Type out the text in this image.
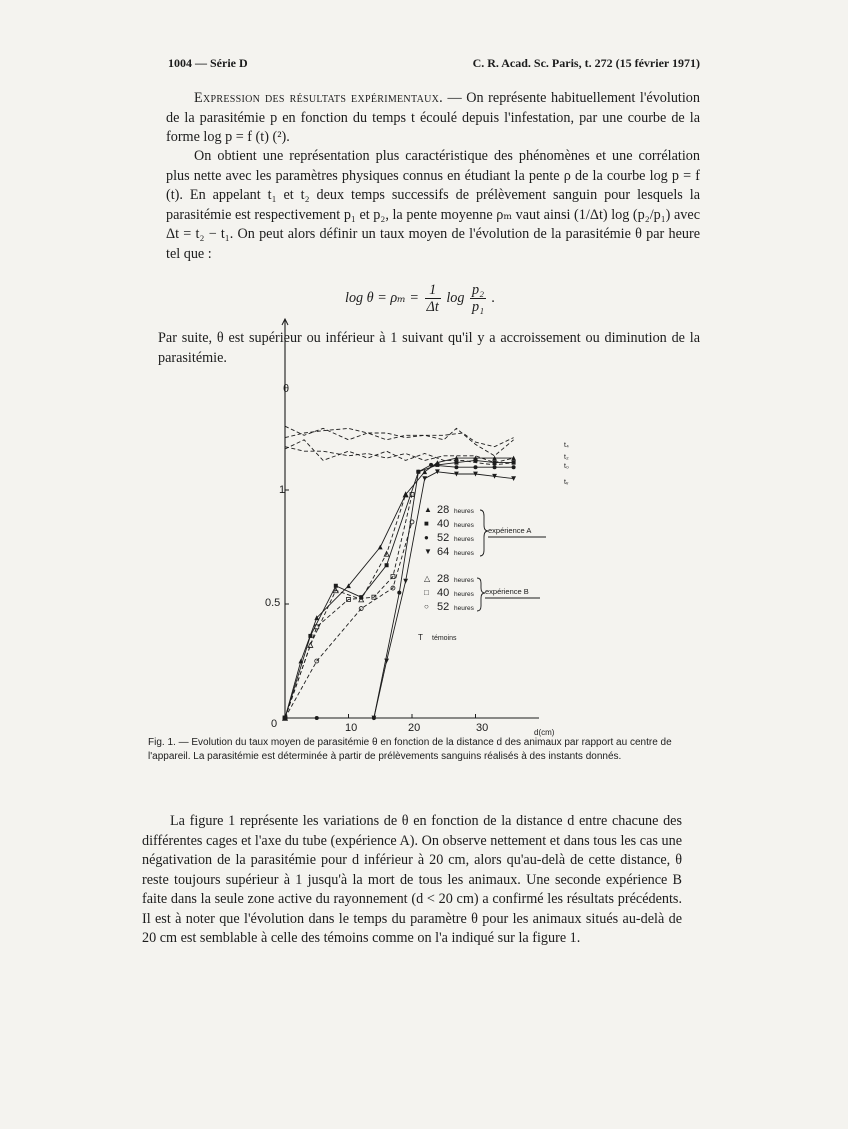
1004 — Série D	C. R. Acad. Sc. Paris, t. 272 (15 février 1971)

Expression des résultats expérimentaux. — On représente habituellement l'évolution de la parasitémie p en fonction du temps t écoulé depuis l'infestation, par une courbe de la forme log p = f (t) (²).

On obtient une représentation plus caractéristique des phénomènes et une corrélation plus nette avec les paramètres physiques connus en étudiant la pente ρ de la courbe log p = f (t). En appelant t₁ et t₂ deux temps successifs de prélèvement sanguin pour lesquels la parasitémie est respectivement p₁ et p₂, la pente moyenne ρₘ vaut ainsi (1/Δt) log (p₂/p₁) avec Δt = t₂ − t₁. On peut alors définir un taux moyen de l'évolution de la parasitémie θ par heure tel que :

$\log \theta = \rho_m = \frac{1}{\Delta t}$ $\log \frac{\text{p₂}}{\text{p₁}}$ .

Par suite, θ est supérieur ou inférieur à 1 suivant qu'il y a accroissement ou diminution de la parasitémie.

θ
d(cm)
0	10	20	30
0.5
1
t₄
t₂
t₀
tᵥ
▲ 28 heures
■ 40 heures
● 52 heures
▼ 64 heures
expérience A
△ 28 heures
□ 40 heures
○ 52 heures
expérience B
T témoins

Fig. 1. — Evolution du taux moyen de parasitémie θ en fonction de la distance d des animaux par rapport au centre de l'appareil. La parasitémie est déterminée à partir de prélèvements sanguins réalisés à des instants donnés.

La figure 1 représente les variations de θ en fonction de la distance d entre chacune des différentes cages et l'axe du tube (expérience A). On observe nettement et dans tous les cas une négativation de la parasitémie pour d inférieur à 20 cm, alors qu'au-delà de cette distance, θ reste toujours supérieur à 1 jusqu'à la mort de tous les animaux. Une seconde expérience B faite dans la seule zone active du rayonnement (d < 20 cm) a confirmé les résultats précédents. Il est à noter que l'évolution dans le temps du paramètre θ pour les animaux situés au-delà de 20 cm est semblable à celle des témoins comme on l'a indiqué sur la figure 1.
